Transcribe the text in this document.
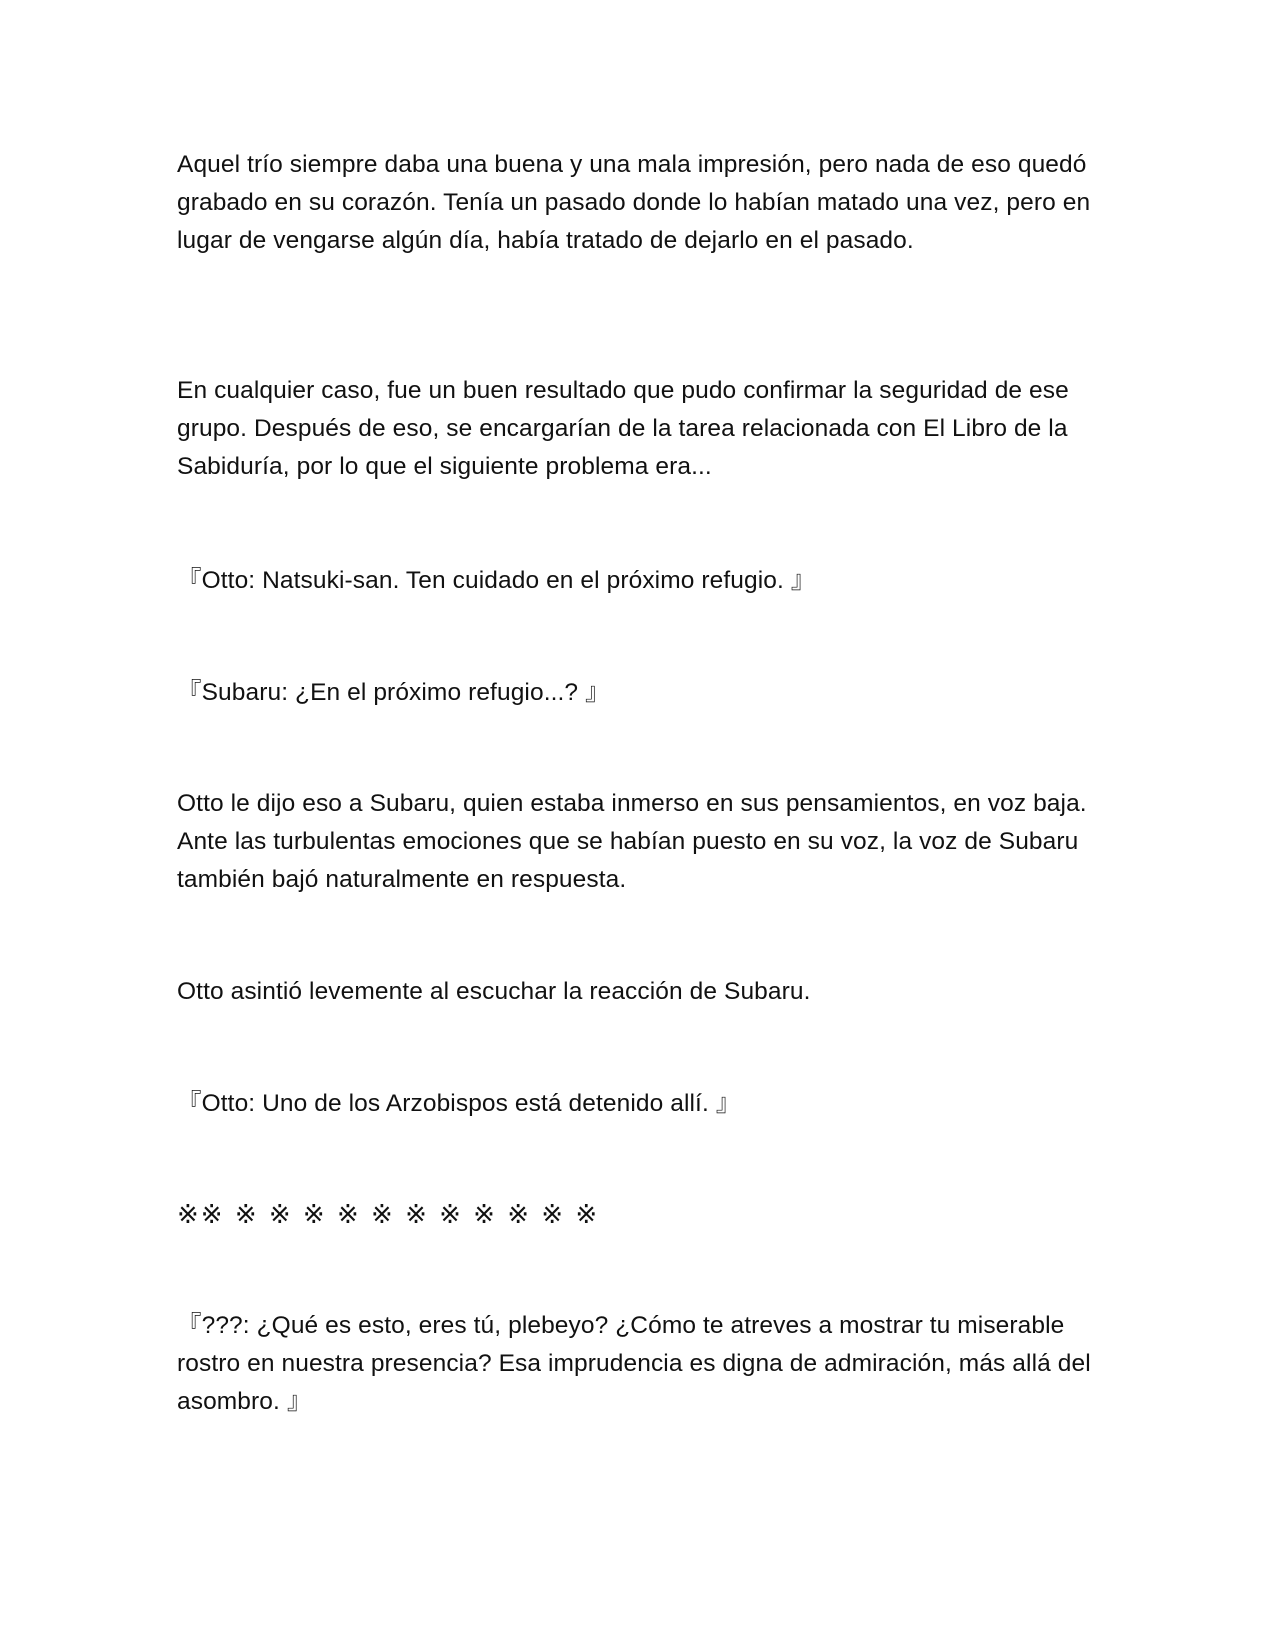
Aquel trío siempre daba una buena y una mala impresión, pero nada de eso quedó grabado en su corazón. Tenía un pasado donde lo habían matado una vez, pero en lugar de vengarse algún día, había tratado de dejarlo en el pasado.

En cualquier caso, fue un buen resultado que pudo confirmar la seguridad de ese grupo. Después de eso, se encargarían de la tarea relacionada con El Libro de la Sabiduría, por lo que el siguiente problema era...

『Otto: Natsuki-san. Ten cuidado en el próximo refugio. 』

『Subaru: ¿En el próximo refugio...? 』

Otto le dijo eso a Subaru, quien estaba inmerso en sus pensamientos, en voz baja. Ante las turbulentas emociones que se habían puesto en su voz, la voz de Subaru también bajó naturalmente en respuesta.

Otto asintió levemente al escuchar la reacción de Subaru.

『Otto: Uno de los Arzobispos está detenido allí. 』

※※ ※ ※ ※ ※ ※ ※ ※ ※ ※ ※ ※

『???: ¿Qué es esto, eres tú, plebeyo? ¿Cómo te atreves a mostrar tu miserable rostro en nuestra presencia? Esa imprudencia es digna de admiración, más allá del asombro. 』
